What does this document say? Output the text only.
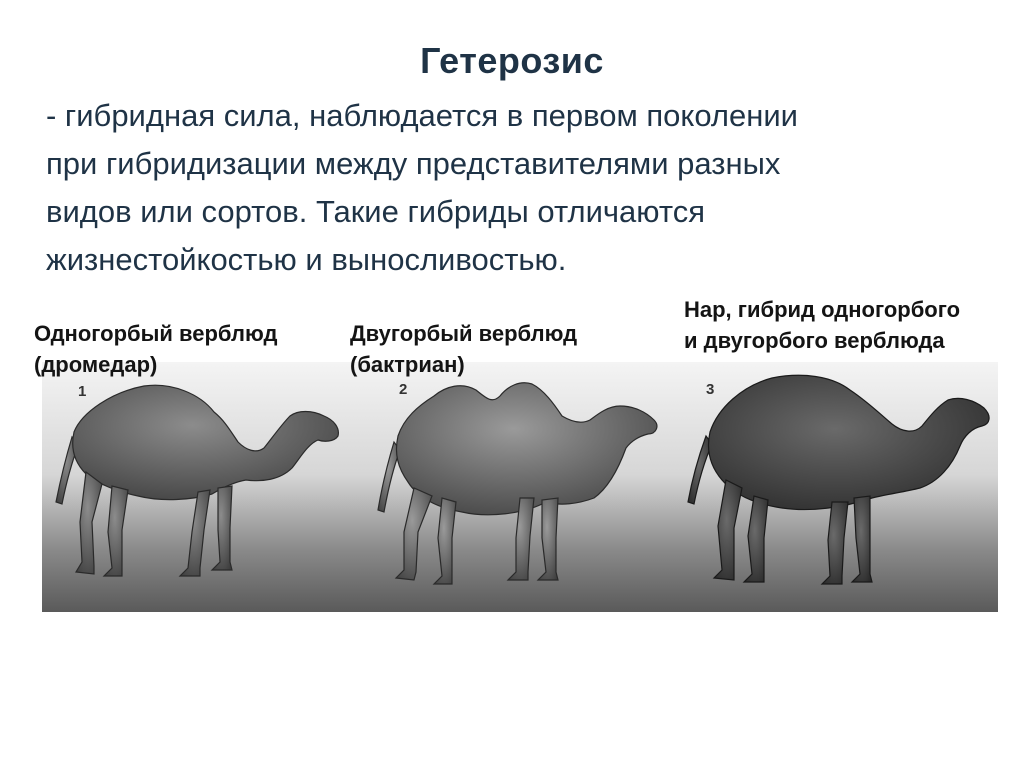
Гетерозис
- гибридная сила, наблюдается в первом поколении
при гибридизации между представителями разных
видов или сортов. Такие гибриды отличаются
жизнестойкостью и выносливостью.
1	2	3
Одногорбый верблюд
(дромедар)
Двугорбый верблюд
(бактриан)
Нар, гибрид одногорбого
и двугорбого верблюда
